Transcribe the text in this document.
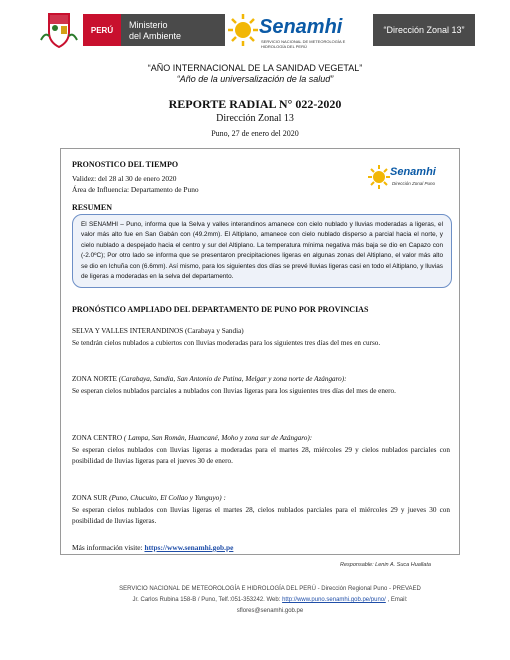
PERÚ	Ministerio
del Ambiente	Senamhi
SERVICIO NACIONAL DE METEOROLOGÍA E HIDROLOGÍA DEL PERÚ
“Dirección Zonal 13”
“AÑO INTERNACIONAL DE LA SANIDAD VEGETAL”
“Año de la universalización de la salud”
REPORTE RADIAL N° 022-2020
Dirección Zonal 13
Puno, 27 de enero del 2020
PRONOSTICO DEL TIEMPO
Validez: del 28 al 30 de enero 2020
Área de Influencia: Departamento de Puno
Senamhi
Dirección Zonal Puno
RESUMEN
El SENAMHI – Puno, informa que la Selva y valles interandinos amanece con cielo nublado y lluvias moderadas a ligeras, el valor más alto fue en San Gabán con (49.2mm). El Altiplano, amanece con cielo nublado disperso a parcial hacia el norte, y cielo nublado a despejado hacia el centro y sur del Altiplano. La temperatura mínima negativa más baja se dio en Capazo con (-2.0ºC); Por otro lado se informa que se presentaron precipitaciones ligeras en algunas zonas del Altiplano, el valor más alto se dio en Ichuña con (6.6mm). Así mismo, para los siguientes dos días se prevé lluvias ligeras casi en todo el Altiplano, y lluvias de ligeras a moderadas en la selva del departamento.
PRONÓSTICO AMPLIADO DEL DEPARTAMENTO DE PUNO POR PROVINCIAS
SELVA Y VALLES INTERANDINOS (Carabaya y Sandia)
Se tendrán cielos nublados a cubiertos con lluvias moderadas para los siguientes tres días del mes en curso.
ZONA NORTE (Carabaya, Sandia, San Antonio de Putina, Melgar y zona norte de Azángaro):
Se esperan cielos nublados parciales a nublados con lluvias ligeras para los siguientes tres días del mes de enero.
ZONA CENTRO ( Lampa, San Román, Huancané, Moho y zona sur de Azángaro):
Se esperan cielos nublados con lluvias ligeras a moderadas para el martes 28, miércoles 29 y cielos nublados parciales con posibilidad de lluvias ligeras para el jueves 30 de enero.
ZONA SUR (Puno, Chucuito, El Collao y Yunguyo) :
Se esperan cielos nublados con lluvias ligeras el martes 28, cielos nublados parciales para el miércoles 29 y jueves 30 con posibilidad de lluvias ligeras.
Más información visite: https://www.senamhi.gob.pe
Responsable: Lenin A. Suca Huallata
SERVICIO NACIONAL DE METEOROLOGÍA E HIDROLOGÍA DEL PERÚ - Dirección Regional Puno - PREVAED
Jr. Carlos Rubina 158-B / Puno, Telf.:051-353242. Web: http://www.puno.senamhi.gob.pe/puno/ , Email:
sflores@senamhi.gob.pe
